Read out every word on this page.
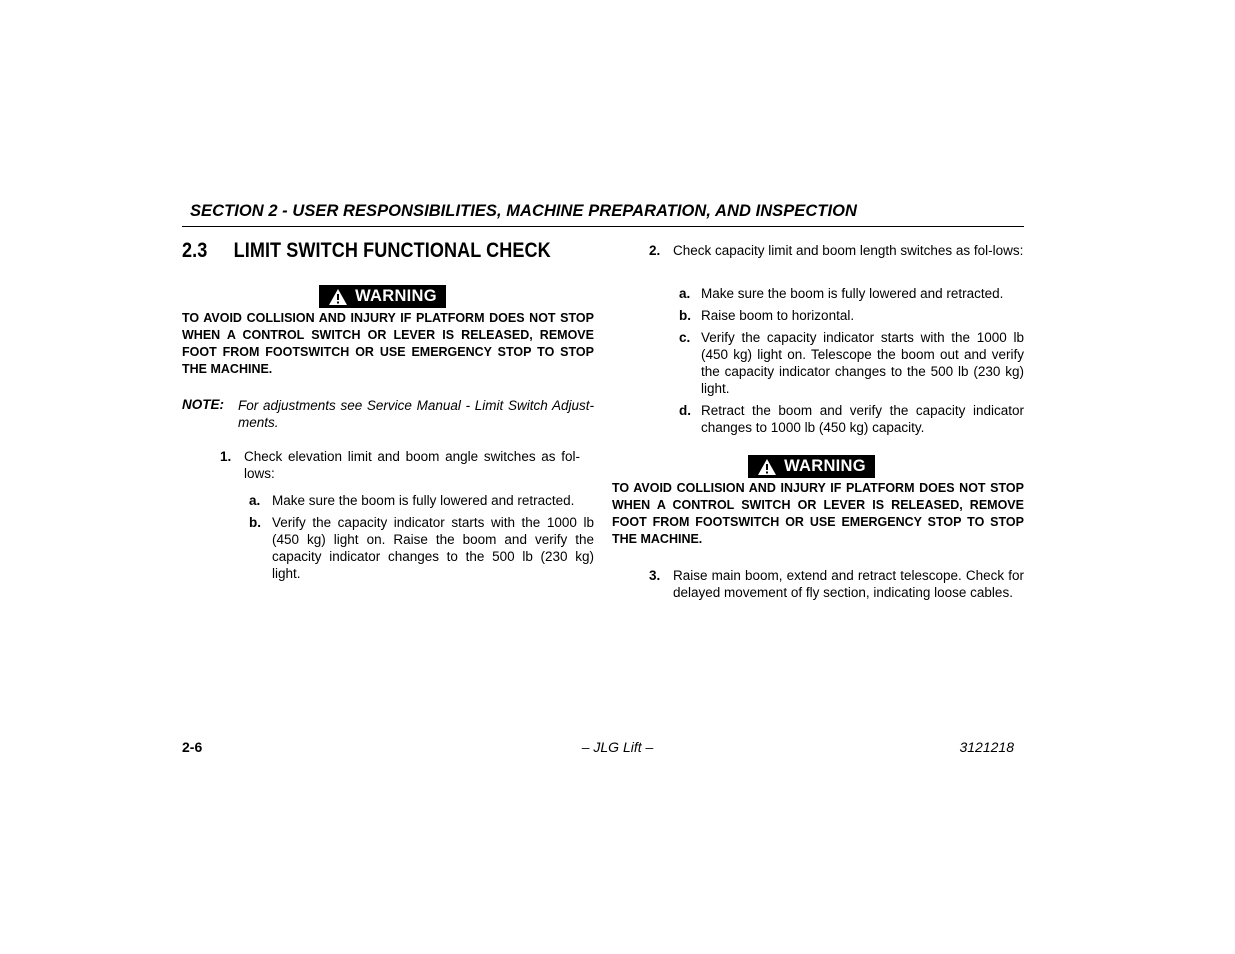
SECTION 2 - USER RESPONSIBILITIES, MACHINE PREPARATION, AND INSPECTION
2.3 LIMIT SWITCH FUNCTIONAL CHECK
WARNING
TO AVOID COLLISION AND INJURY IF PLATFORM DOES NOT STOP WHEN A CONTROL SWITCH OR LEVER IS RELEASED, REMOVE FOOT FROM FOOTSWITCH OR USE EMERGENCY STOP TO STOP THE MACHINE.
NOTE: For adjustments see Service Manual - Limit Switch Adjust-ments.
1. Check elevation limit and boom angle switches as fol-lows:
a. Make sure the boom is fully lowered and retracted.
b. Verify the capacity indicator starts with the 1000 lb (450 kg) light on. Raise the boom and verify the capacity indicator changes to the 500 lb (230 kg) light.
2. Check capacity limit and boom length switches as fol-lows:
a. Make sure the boom is fully lowered and retracted.
b. Raise boom to horizontal.
c. Verify the capacity indicator starts with the 1000 lb (450 kg) light on. Telescope the boom out and verify the capacity indicator changes to the 500 lb (230 kg) light.
d. Retract the boom and verify the capacity indicator changes to 1000 lb (450 kg) capacity.
WARNING
TO AVOID COLLISION AND INJURY IF PLATFORM DOES NOT STOP WHEN A CONTROL SWITCH OR LEVER IS RELEASED, REMOVE FOOT FROM FOOTSWITCH OR USE EMERGENCY STOP TO STOP THE MACHINE.
3. Raise main boom, extend and retract telescope. Check for delayed movement of fly section, indicating loose cables.
2-6	– JLG Lift –	3121218
